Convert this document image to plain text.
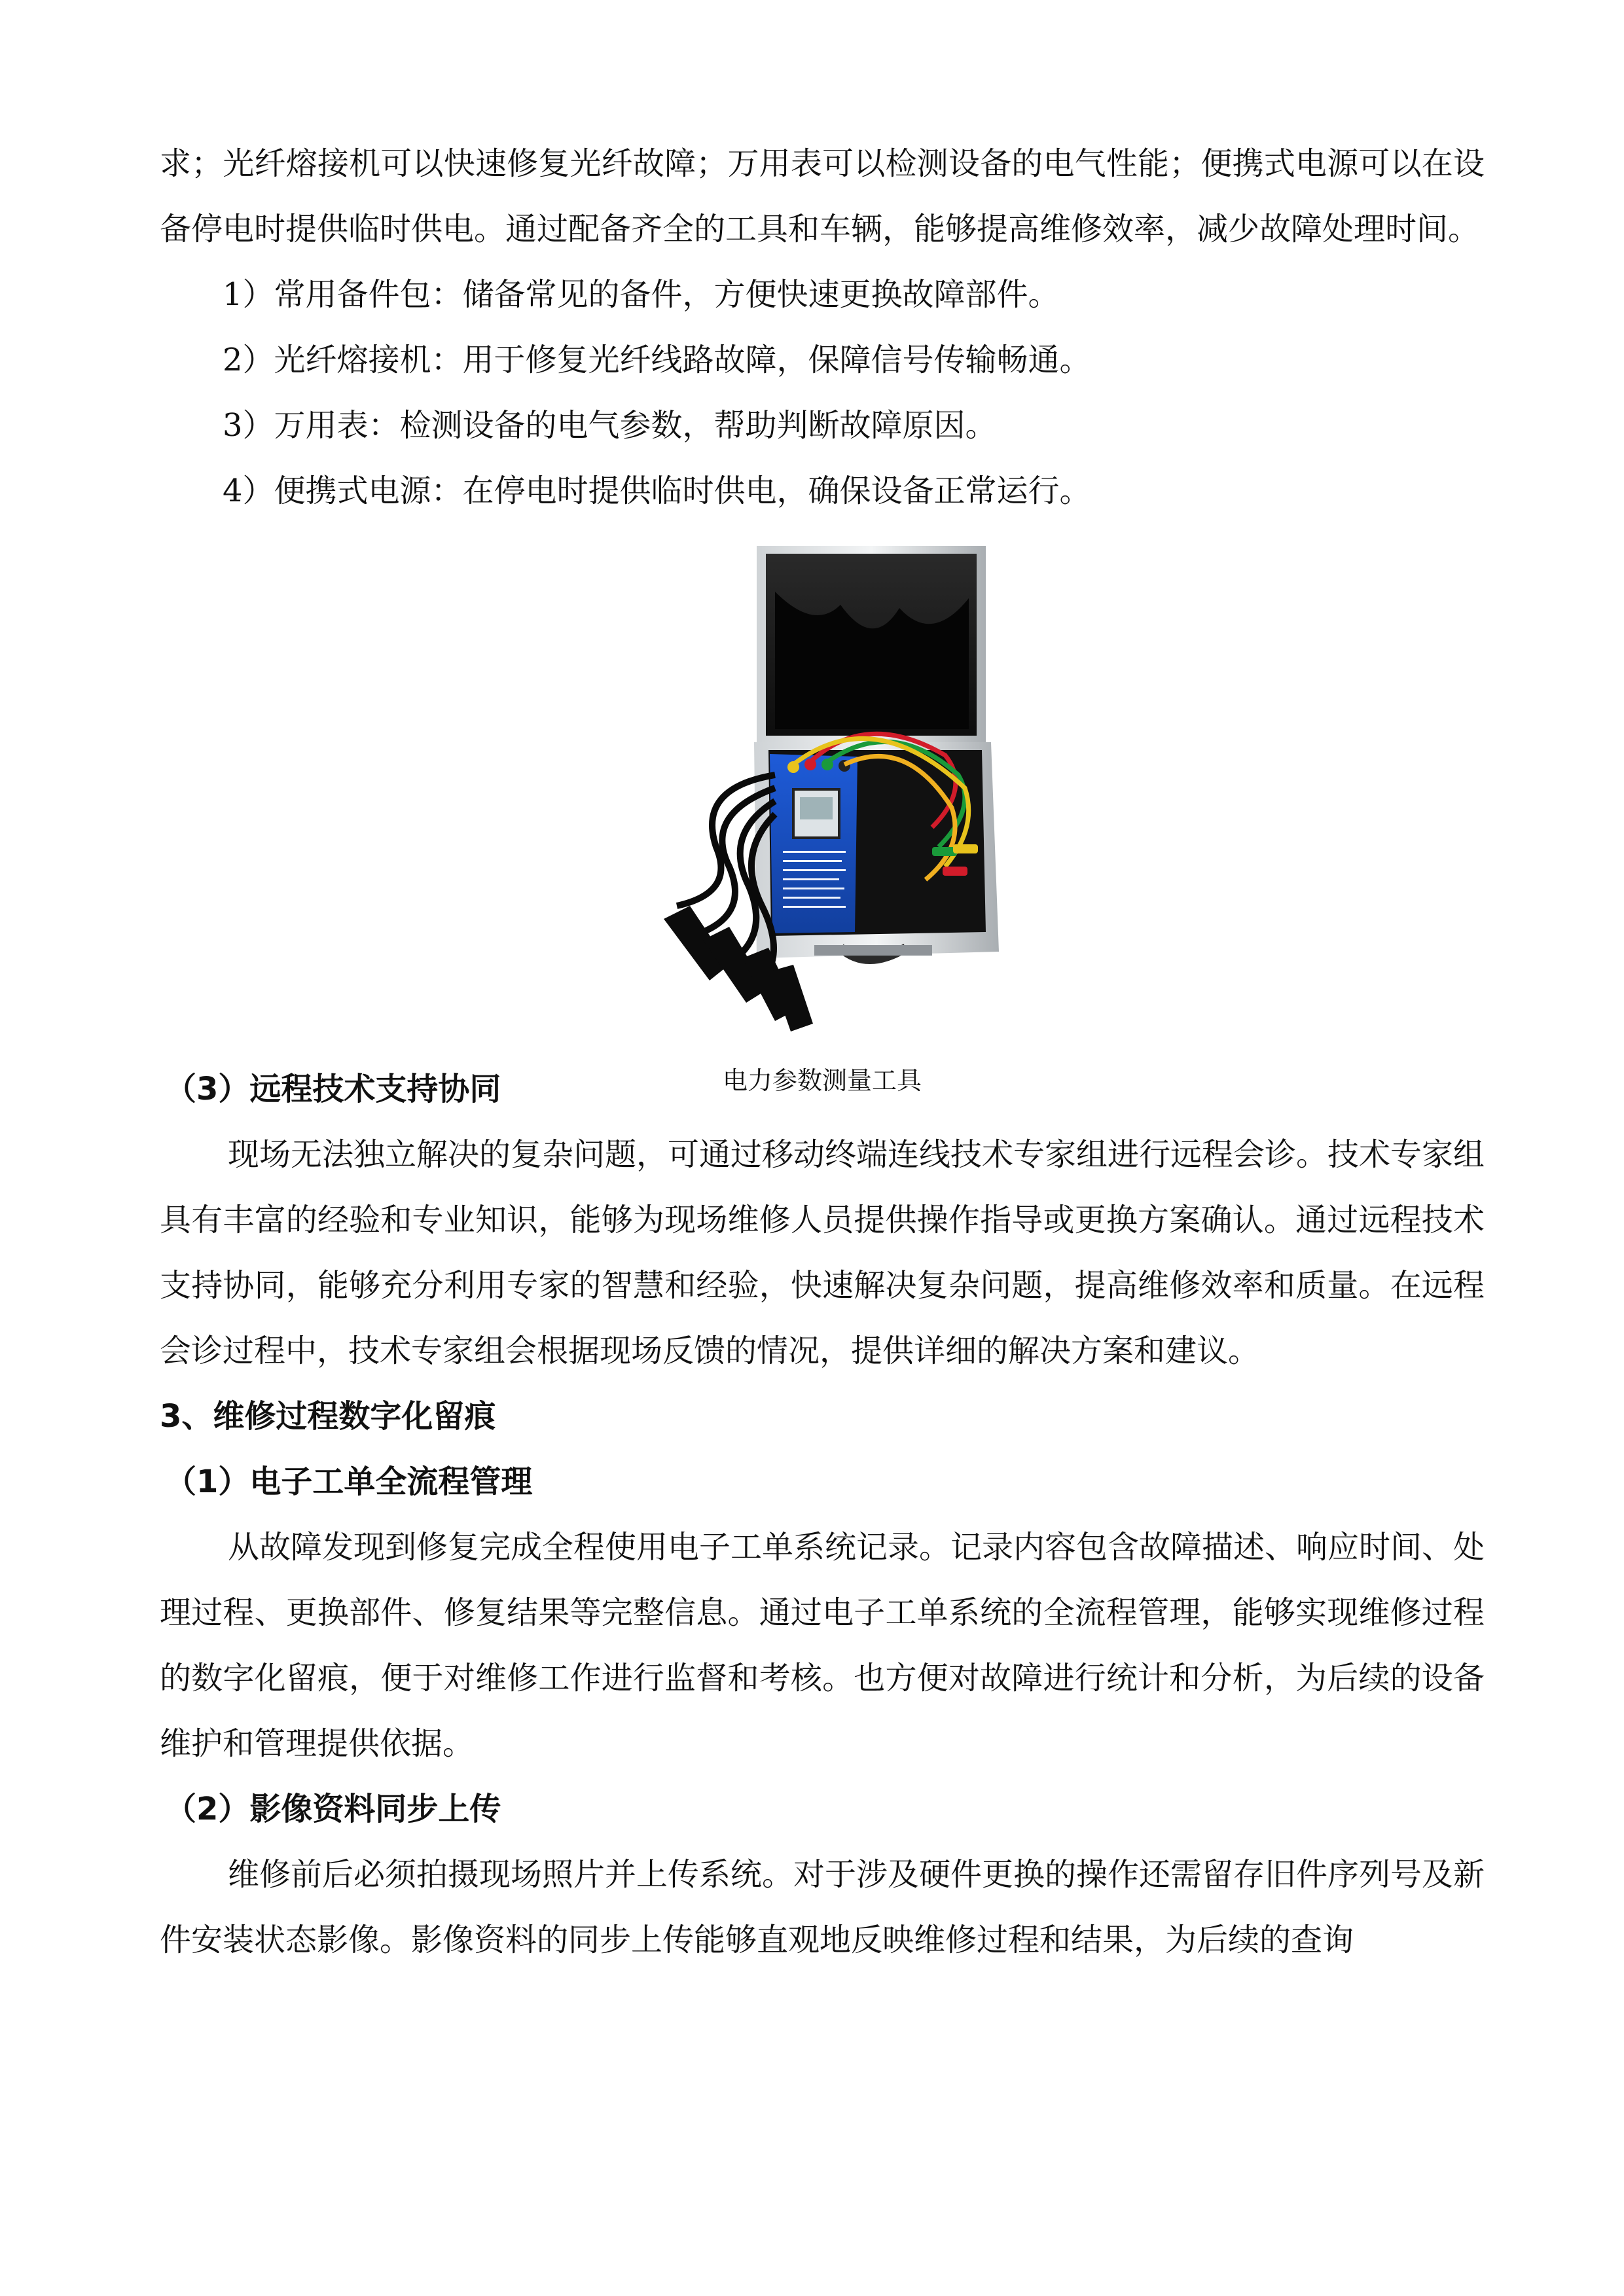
求；光纤熔接机可以快速修复光纤故障；万用表可以检测设备的电气性能；便携式电源可以在设备停电时提供临时供电。通过配备齐全的工具和车辆，能够提高维修效率，减少故障处理时间。

1）常用备件包：储备常见的备件，方便快速更换故障部件。

2）光纤熔接机：用于修复光纤线路故障，保障信号传输畅通。

3）万用表：检测设备的电气参数，帮助判断故障原因。

4）便携式电源：在停电时提供临时供电，确保设备正常运行。

电力参数测量工具

（3）远程技术支持协同

现场无法独立解决的复杂问题，可通过移动终端连线技术专家组进行远程会诊。技术专家组具有丰富的经验和专业知识，能够为现场维修人员提供操作指导或更换方案确认。通过远程技术支持协同，能够充分利用专家的智慧和经验，快速解决复杂问题，提高维修效率和质量。在远程会诊过程中，技术专家组会根据现场反馈的情况，提供详细的解决方案和建议。

3、维修过程数字化留痕

（1）电子工单全流程管理

从故障发现到修复完成全程使用电子工单系统记录。记录内容包含故障描述、响应时间、处理过程、更换部件、修复结果等完整信息。通过电子工单系统的全流程管理，能够实现维修过程的数字化留痕，便于对维修工作进行监督和考核。也方便对故障进行统计和分析，为后续的设备维护和管理提供依据。

（2）影像资料同步上传

维修前后必须拍摄现场照片并上传系统。对于涉及硬件更换的操作还需留存旧件序列号及新件安装状态影像。影像资料的同步上传能够直观地反映维修过程和结果，为后续的查询
